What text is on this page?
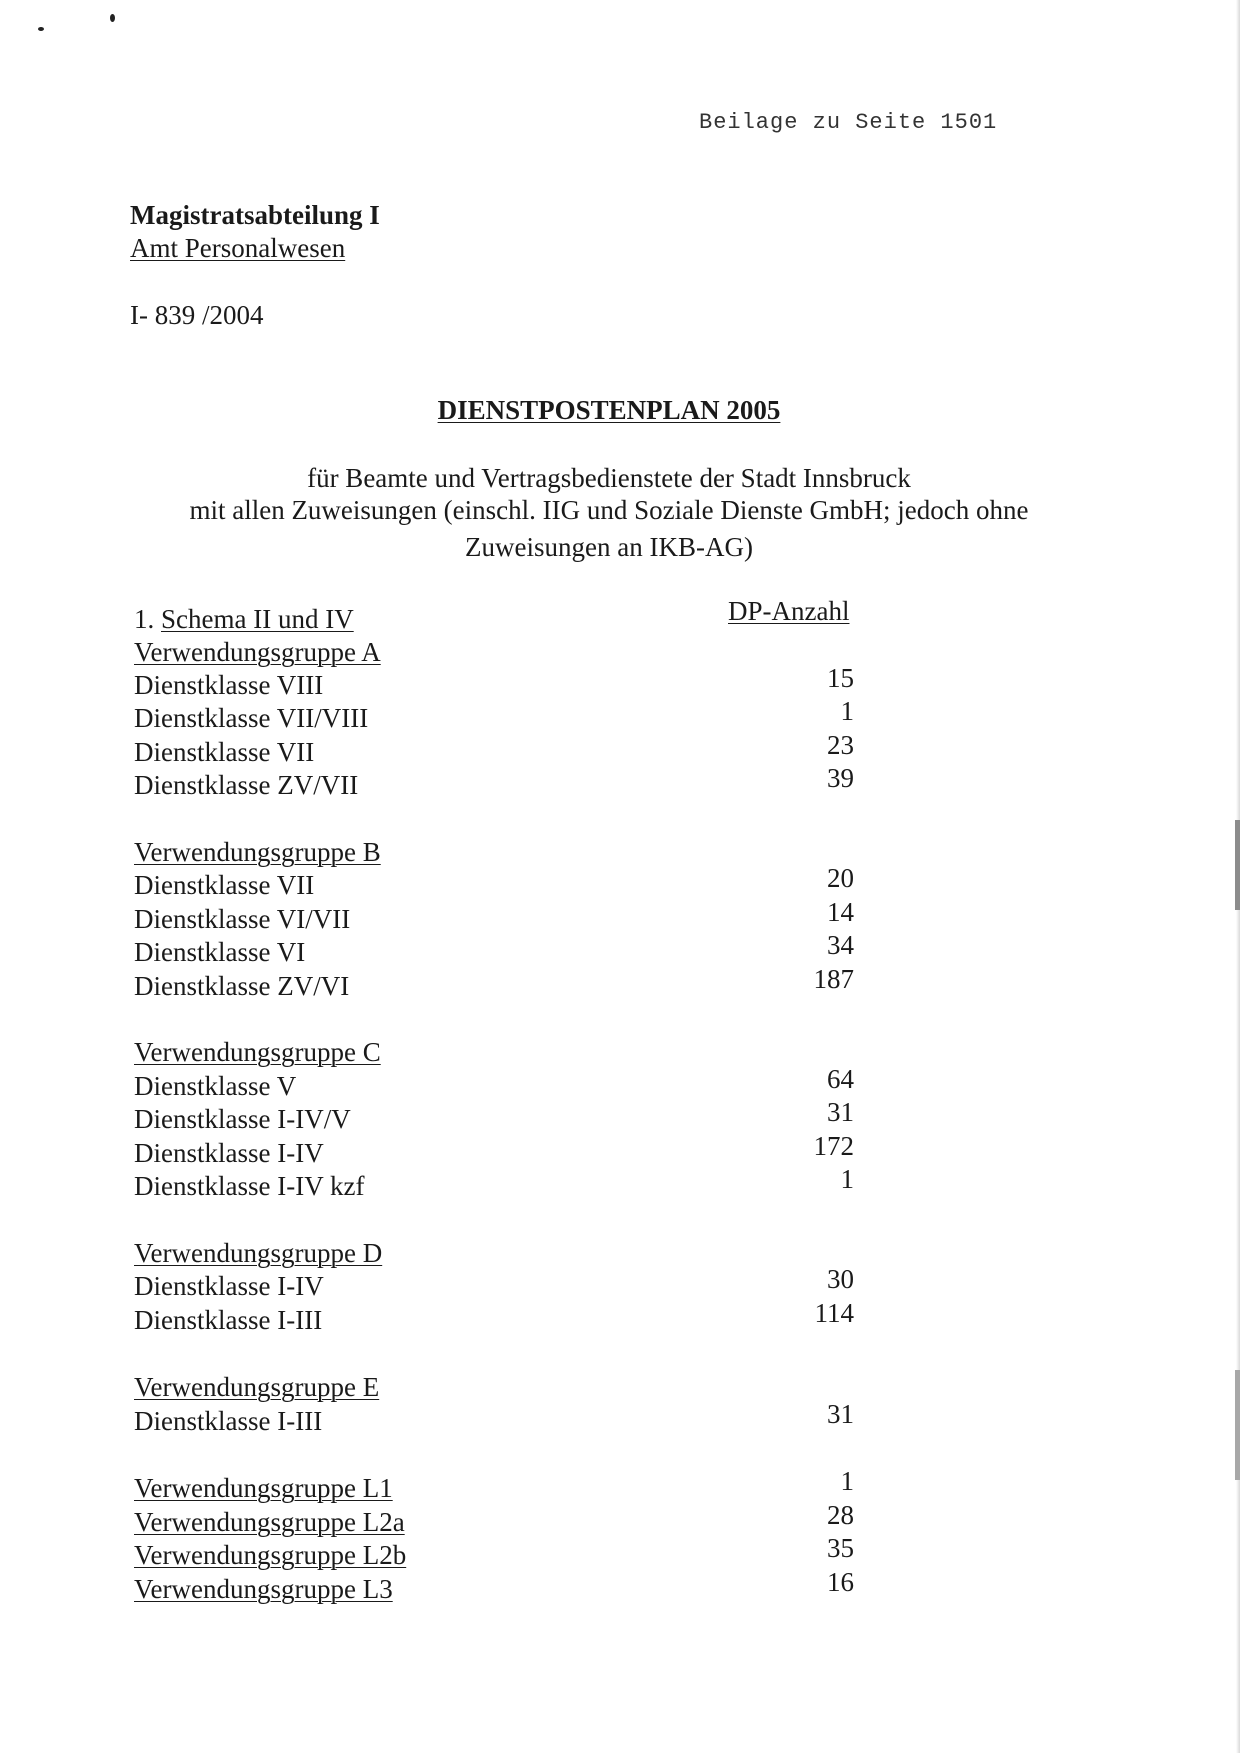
Beilage zu Seite 1501
Magistratsabteilung I
Amt Personalwesen
I- 839 /2004
DIENSTPOSTENPLAN 2005
für Beamte und Vertragsbedienstete der Stadt Innsbruck
mit allen Zuweisungen (einschl. IIG und Soziale Dienste GmbH; jedoch ohne
Zuweisungen an IKB-AG)
1. Schema II und IV	DP-Anzahl
Verwendungsgruppe A
Dienstklasse VIII	15
Dienstklasse VII/VIII	1
Dienstklasse VII	23
Dienstklasse ZV/VII	39
Verwendungsgruppe B
Dienstklasse VII	20
Dienstklasse VI/VII	14
Dienstklasse VI	34
Dienstklasse ZV/VI	187
Verwendungsgruppe C
Dienstklasse V	64
Dienstklasse I-IV/V	31
Dienstklasse I-IV	172
Dienstklasse I-IV kzf	1
Verwendungsgruppe D
Dienstklasse I-IV	30
Dienstklasse I-III	114
Verwendungsgruppe E
Dienstklasse I-III	31
Verwendungsgruppe L1	1
Verwendungsgruppe L2a	28
Verwendungsgruppe L2b	35
Verwendungsgruppe L3	16
